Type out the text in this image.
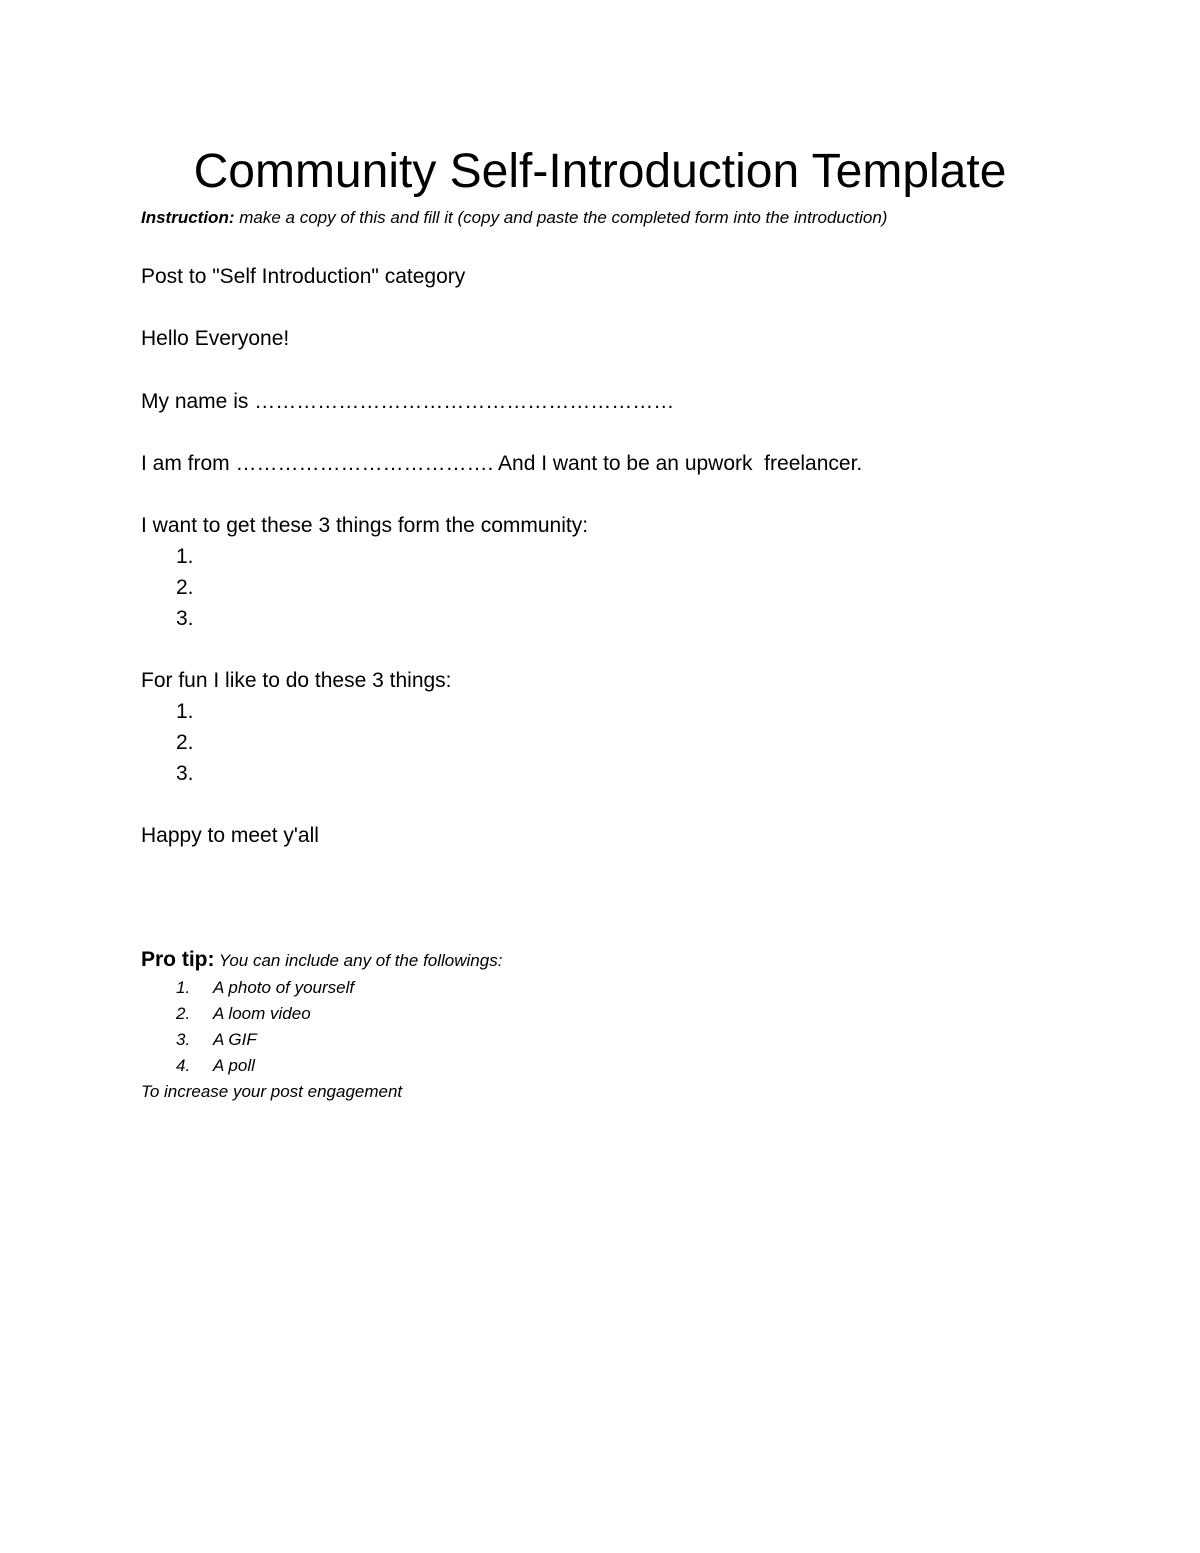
Community Self-Introduction Template
Instruction: make a copy of this and fill it (copy and paste the completed form into the introduction)
Post to "Self Introduction" category
Hello Everyone!
My name is ……………………………………………………
I am from ………………………………. And I want to be an upwork  freelancer.
I want to get these 3 things form the community:
1.
2.
3.
For fun I like to do these 3 things:
1.
2.
3.
Happy to meet y'all
Pro tip: You can include any of the followings:
1. A photo of yourself
2. A loom video
3. A GIF
4. A poll
To increase your post engagement
